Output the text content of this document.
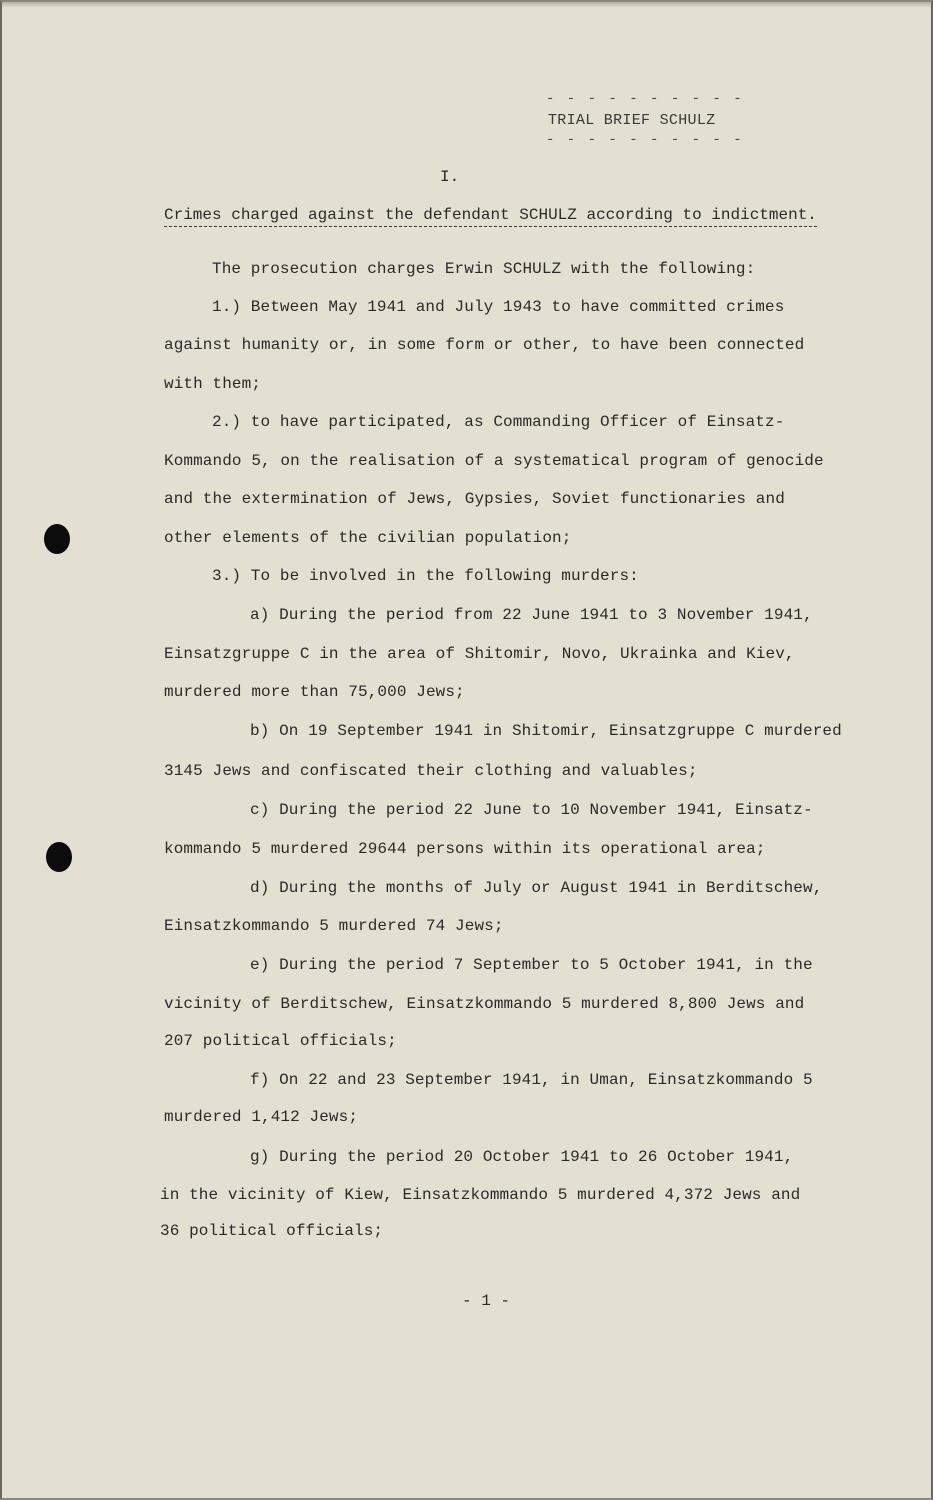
- - - - - - - - - -
TRIAL BRIEF SCHULZ
- - - - - - - - - -
I.
Crimes charged against the defendant SCHULZ according to indictment.
The prosecution charges Erwin SCHULZ with the following:
1.) Between May 1941 and July 1943 to have committed crimes
against humanity or, in some form or other, to have been connected
with them;
2.) to have participated, as Commanding Officer of Einsatz-
Kommando 5, on the realisation of a systematical program of genocide
and the extermination of Jews, Gypsies, Soviet functionaries and
other elements of the civilian population;
3.) To be involved in the following murders:
a) During the period from 22 June 1941 to 3 November 1941,
Einsatzgruppe C in the area of Shitomir, Novo, Ukrainka and Kiev,
murdered more than 75,000 Jews;
b) On 19 September 1941 in Shitomir, Einsatzgruppe C murdered
3145 Jews and confiscated their clothing and valuables;
c) During the period 22 June to 10 November 1941, Einsatz-
kommando 5 murdered 29644 persons within its operational area;
d) During the months of July or August 1941 in Berditschew,
Einsatzkommando 5 murdered 74 Jews;
e) During the period 7 September to 5 October 1941, in the
vicinity of Berditschew, Einsatzkommando 5 murdered 8,800 Jews and
207 political officials;
f) On 22 and 23 September 1941, in Uman, Einsatzkommando 5
murdered 1,412 Jews;
g) During the period 20 October 1941 to 26 October 1941,
in the vicinity of Kiew, Einsatzkommando 5 murdered 4,372 Jews and
36 political officials;
- 1 -
